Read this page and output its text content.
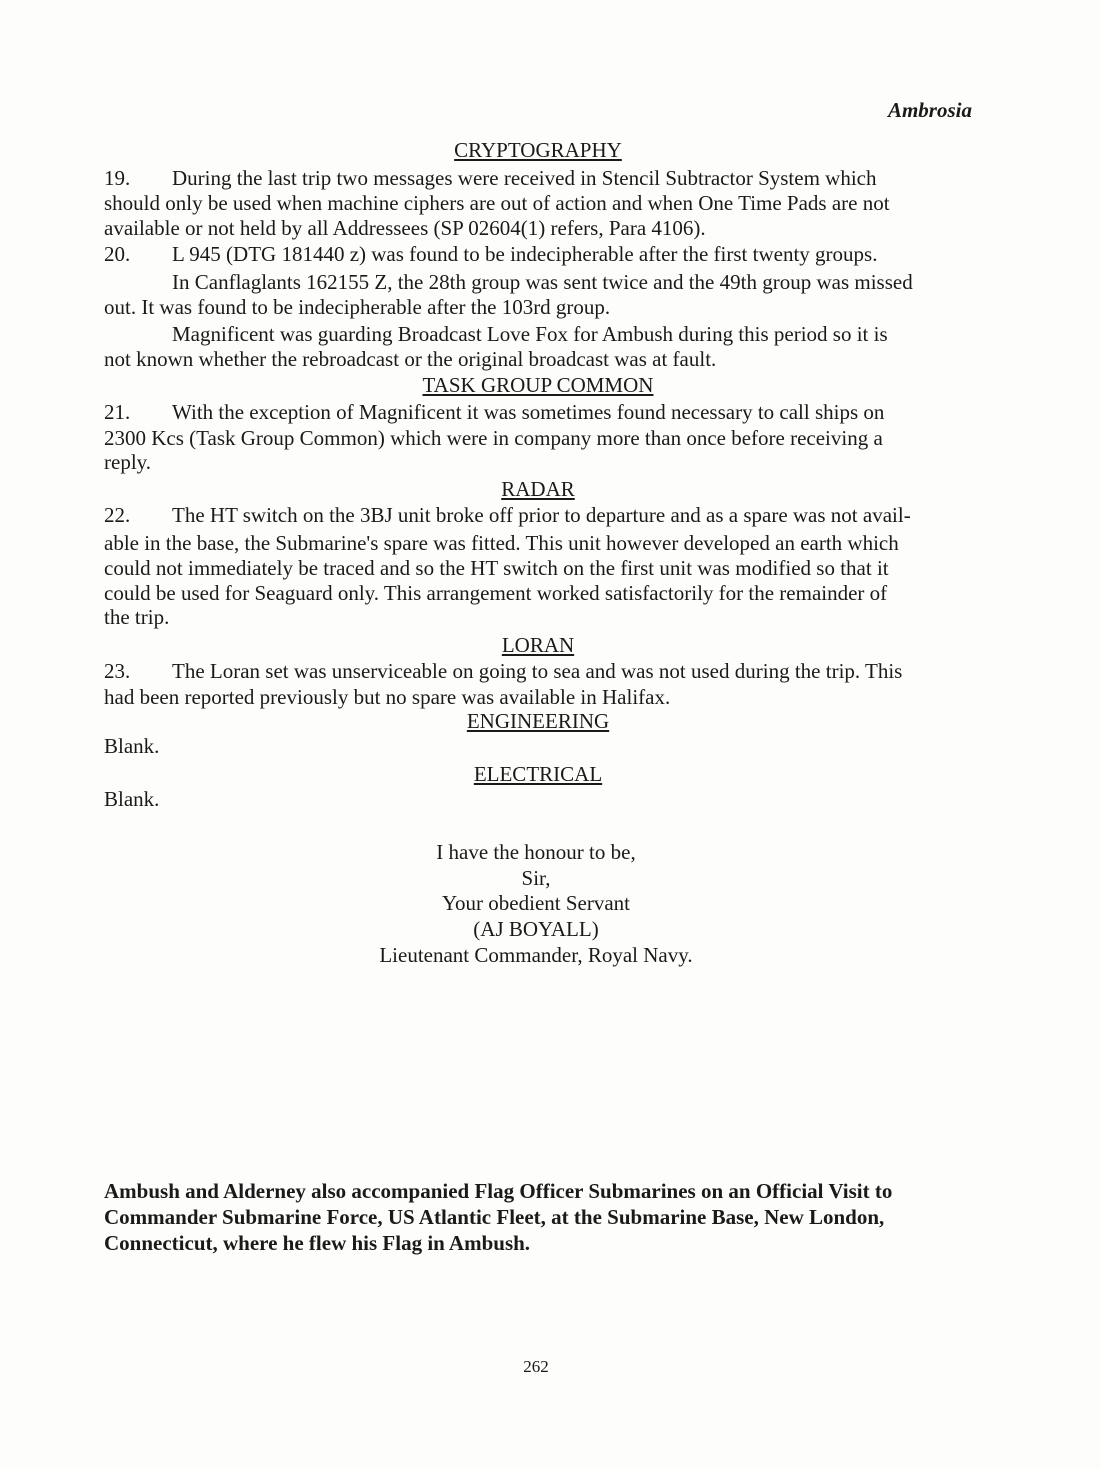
Ambrosia
CRYPTOGRAPHY
19. During the last trip two messages were received in Stencil Subtractor System which
should only be used when machine ciphers are out of action and when One Time Pads are not
available or not held by all Addressees (SP 02604(1) refers, Para 4106).
20. L 945 (DTG 181440 z) was found to be indecipherable after the first twenty groups.
In Canflaglants 162155 Z, the 28th group was sent twice and the 49th group was missed
out. It was found to be indecipherable after the 103rd group.
Magnificent was guarding Broadcast Love Fox for Ambush during this period so it is
not known whether the rebroadcast or the original broadcast was at fault.
TASK GROUP COMMON
21. With the exception of Magnificent it was sometimes found necessary to call ships on
2300 Kcs (Task Group Common) which were in company more than once before receiving a
reply.
RADAR
22. The HT switch on the 3BJ unit broke off prior to departure and as a spare was not avail-
able in the base, the Submarine's spare was fitted. This unit however developed an earth which
could not immediately be traced and so the HT switch on the first unit was modified so that it
could be used for Seaguard only. This arrangement worked satisfactorily for the remainder of
the trip.
LORAN
23. The Loran set was unserviceable on going to sea and was not used during the trip. This
had been reported previously but no spare was available in Halifax.
ENGINEERING
Blank.
ELECTRICAL
Blank.
I have the honour to be,
Sir,
Your obedient Servant
(AJ BOYALL)
Lieutenant Commander, Royal Navy.
Ambush and Alderney also accompanied Flag Officer Submarines on an Official Visit to
Commander Submarine Force, US Atlantic Fleet, at the Submarine Base, New London,
Connecticut, where he flew his Flag in Ambush.
262
